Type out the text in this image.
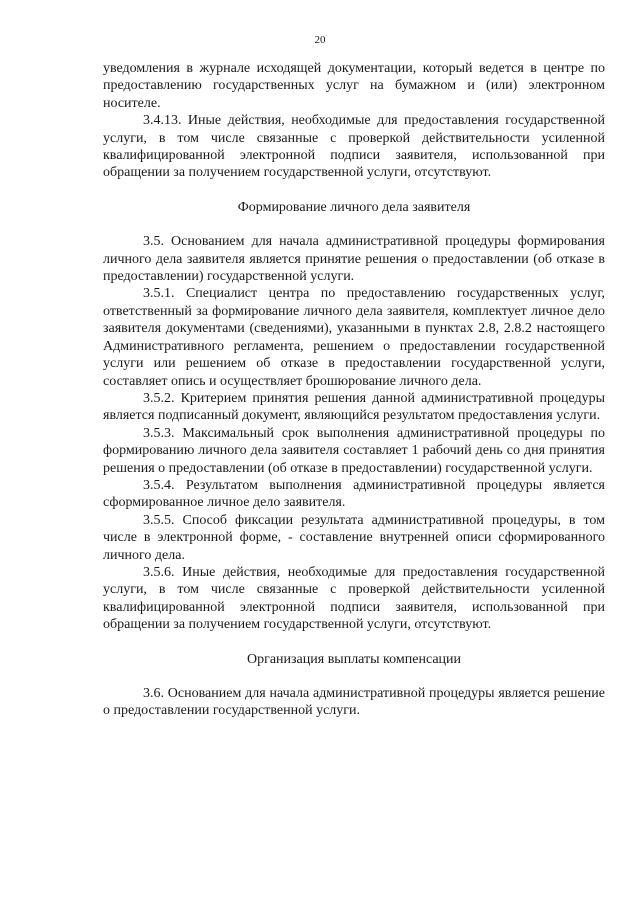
20

уведомления в журнале исходящей документации, который ведется в центре по предоставлению государственных услуг на бумажном и (или) электронном носителе.

3.4.13. Иные действия, необходимые для предоставления государственной услуги, в том числе связанные с проверкой действительности усиленной квалифицированной электронной подписи заявителя, использованной при обращении за получением государственной услуги, отсутствуют.

Формирование личного дела заявителя

3.5. Основанием для начала административной процедуры формирования личного дела заявителя является принятие решения о предоставлении (об отказе в предоставлении) государственной услуги.

3.5.1. Специалист центра по предоставлению государственных услуг, ответственный за формирование личного дела заявителя, комплектует личное дело заявителя документами (сведениями), указанными в пунктах 2.8, 2.8.2 настоящего Административного регламента, решением о предоставлении государственной услуги или решением об отказе в предоставлении государственной услуги, составляет опись и осуществляет брошюрование личного дела.

3.5.2. Критерием принятия решения данной административной процедуры является подписанный документ, являющийся результатом предоставления услуги.

3.5.3. Максимальный срок выполнения административной процедуры по формированию личного дела заявителя составляет 1 рабочий день со дня принятия решения о предоставлении (об отказе в предоставлении) государственной услуги.

3.5.4. Результатом выполнения административной процедуры является сформированное личное дело заявителя.

3.5.5. Способ фиксации результата административной процедуры, в том числе в электронной форме, - составление внутренней описи сформированного личного дела.

3.5.6. Иные действия, необходимые для предоставления государственной услуги, в том числе связанные с проверкой действительности усиленной квалифицированной электронной подписи заявителя, использованной при обращении за получением государственной услуги, отсутствуют.

Организация выплаты компенсации

3.6. Основанием для начала административной процедуры является решение о предоставлении государственной услуги.
